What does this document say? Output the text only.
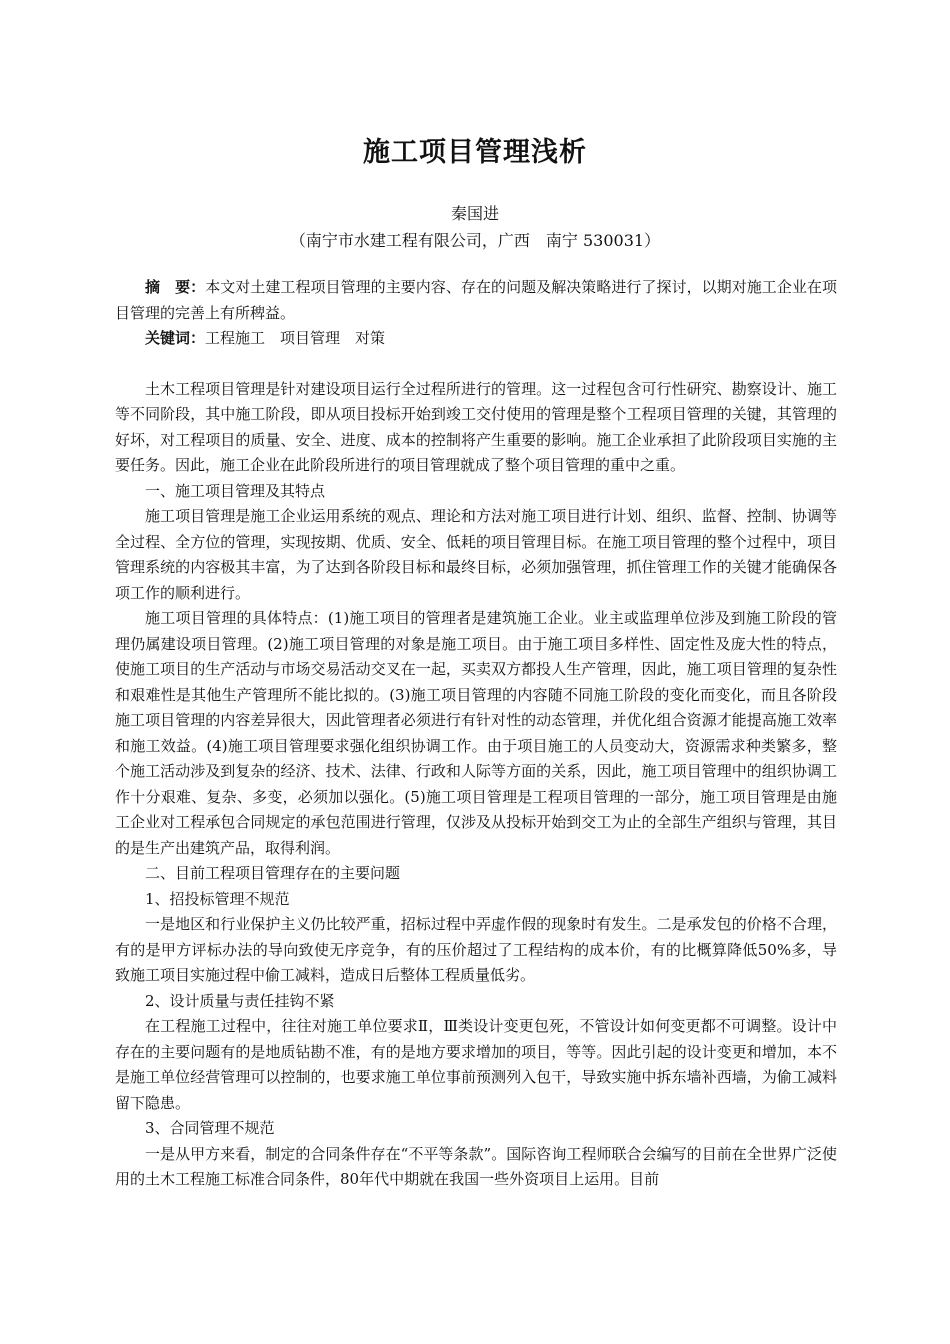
施工项目管理浅析
秦国进
（南宁市水建工程有限公司，广西　南宁 530031）

摘　要：本文对土建工程项目管理的主要内容、存在的问题及解决策略进行了探讨，以期对施工企业在项目管理的完善上有所稗益。

关键词：工程施工　项目管理　对策

土木工程项目管理是针对建设项目运行全过程所进行的管理。这一过程包含可行性研究、勘察设计、施工等不同阶段，其中施工阶段，即从项目投标开始到竣工交付使用的管理是整个工程项目管理的关键，其管理的好坏，对工程项目的质量、安全、进度、成本的控制将产生重要的影响。施工企业承担了此阶段项目实施的主要任务。因此，施工企业在此阶段所进行的项目管理就成了整个项目管理的重中之重。

一、施工项目管理及其特点

施工项目管理是施工企业运用系统的观点、理论和方法对施工项目进行计划、组织、监督、控制、协调等全过程、全方位的管理，实现按期、优质、安全、低耗的项目管理目标。在施工项目管理的整个过程中，项目管理系统的内容极其丰富，为了达到各阶段目标和最终目标，必须加强管理，抓住管理工作的关键才能确保各项工作的顺利进行。

施工项目管理的具体特点：(1)施工项目的管理者是建筑施工企业。业主或监理单位涉及到施工阶段的管理仍属建设项目管理。(2)施工项目管理的对象是施工项目。由于施工项目多样性、固定性及庞大性的特点，使施工项目的生产活动与市场交易活动交叉在一起，买卖双方都投人生产管理，因此，施工项目管理的复杂性和艰难性是其他生产管理所不能比拟的。(3)施工项目管理的内容随不同施工阶段的变化而变化，而且各阶段施工项目管理的内容差异很大，因此管理者必须进行有针对性的动态管理，并优化组合资源才能提高施工效率和施工效益。(4)施工项目管理要求强化组织协调工作。由于项目施工的人员变动大，资源需求种类繁多，整个施工活动涉及到复杂的经济、技术、法律、行政和人际等方面的关系，因此，施工项目管理中的组织协调工作十分艰难、复杂、多变，必须加以强化。(5)施工项目管理是工程项目管理的一部分，施工项目管理是由施工企业对工程承包合同规定的承包范围进行管理，仅涉及从投标开始到交工为止的全部生产组织与管理，其目的是生产出建筑产品，取得利润。

二、目前工程项目管理存在的主要问题

1、招投标管理不规范

一是地区和行业保护主义仍比较严重，招标过程中弄虚作假的现象时有发生。二是承发包的价格不合理，有的是甲方评标办法的导向致使无序竞争，有的压价超过了工程结构的成本价，有的比概算降低50%多，导致施工项目实施过程中偷工减料，造成日后整体工程质量低劣。

2、设计质量与责任挂钩不紧

在工程施工过程中，往往对施工单位要求Ⅱ，Ⅲ类设计变更包死，不管设计如何变更都不可调整。设计中存在的主要问题有的是地质钻勘不准，有的是地方要求增加的项目，等等。因此引起的设计变更和增加，本不是施工单位经营管理可以控制的，也要求施工单位事前预测列入包干，导致实施中拆东墙补西墙，为偷工减料留下隐患。

3、合同管理不规范

一是从甲方来看，制定的合同条件存在“不平等条款”。国际咨询工程师联合会编写的目前在全世界广泛使用的土木工程施工标准合同条件，80年代中期就在我国一些外资项目上运用。目前
